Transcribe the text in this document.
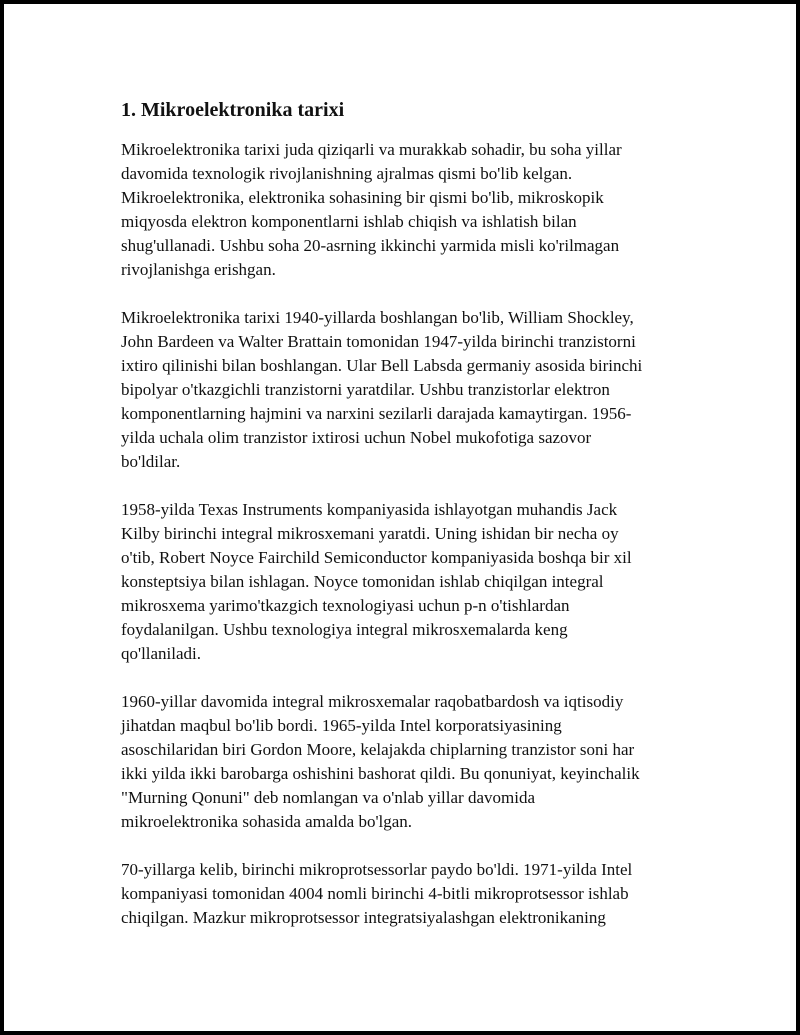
1. Mikroelektronika tarixi

Mikroelektronika tarixi juda qiziqarli va murakkab sohadir, bu soha yillar
davomida texnologik rivojlanishning ajralmas qismi bo'lib kelgan.
Mikroelektronika, elektronika sohasining bir qismi bo'lib, mikroskopik
miqyosda elektron komponentlarni ishlab chiqish va ishlatish bilan
shug'ullanadi. Ushbu soha 20-asrning ikkinchi yarmida misli ko'rilmagan
rivojlanishga erishgan.

Mikroelektronika tarixi 1940-yillarda boshlangan bo'lib, William Shockley,
John Bardeen va Walter Brattain tomonidan 1947-yilda birinchi tranzistorni
ixtiro qilinishi bilan boshlangan. Ular Bell Labsda germaniy asosida birinchi
bipolyar o'tkazgichli tranzistorni yaratdilar. Ushbu tranzistorlar elektron
komponentlarning hajmini va narxini sezilarli darajada kamaytirgan. 1956-
yilda uchala olim tranzistor ixtirosi uchun Nobel mukofotiga sazovor
bo'ldilar.

1958-yilda Texas Instruments kompaniyasida ishlayotgan muhandis Jack
Kilby birinchi integral mikrosxemani yaratdi. Uning ishidan bir necha oy
o'tib, Robert Noyce Fairchild Semiconductor kompaniyasida boshqa bir xil
konsteptsiya bilan ishlagan. Noyce tomonidan ishlab chiqilgan integral
mikrosxema yarimo'tkazgich texnologiyasi uchun p-n o'tishlardan
foydalanilgan. Ushbu texnologiya integral mikrosxemalarda keng
qo'llaniladi.

1960-yillar davomida integral mikrosxemalar raqobatbardosh va iqtisodiy
jihatdan maqbul bo'lib bordi. 1965-yilda Intel korporatsiyasining
asoschilaridan biri Gordon Moore, kelajakda chiplarning tranzistor soni har
ikki yilda ikki barobarga oshishini bashorat qildi. Bu qonuniyat, keyinchalik
"Murning Qonuni" deb nomlangan va o'nlab yillar davomida
mikroelektronika sohasida amalda bo'lgan.

70-yillarga kelib, birinchi mikroprotsessorlar paydo bo'ldi. 1971-yilda Intel
kompaniyasi tomonidan 4004 nomli birinchi 4-bitli mikroprotsessor ishlab
chiqilgan. Mazkur mikroprotsessor integratsiyalashgan elektronikaning
